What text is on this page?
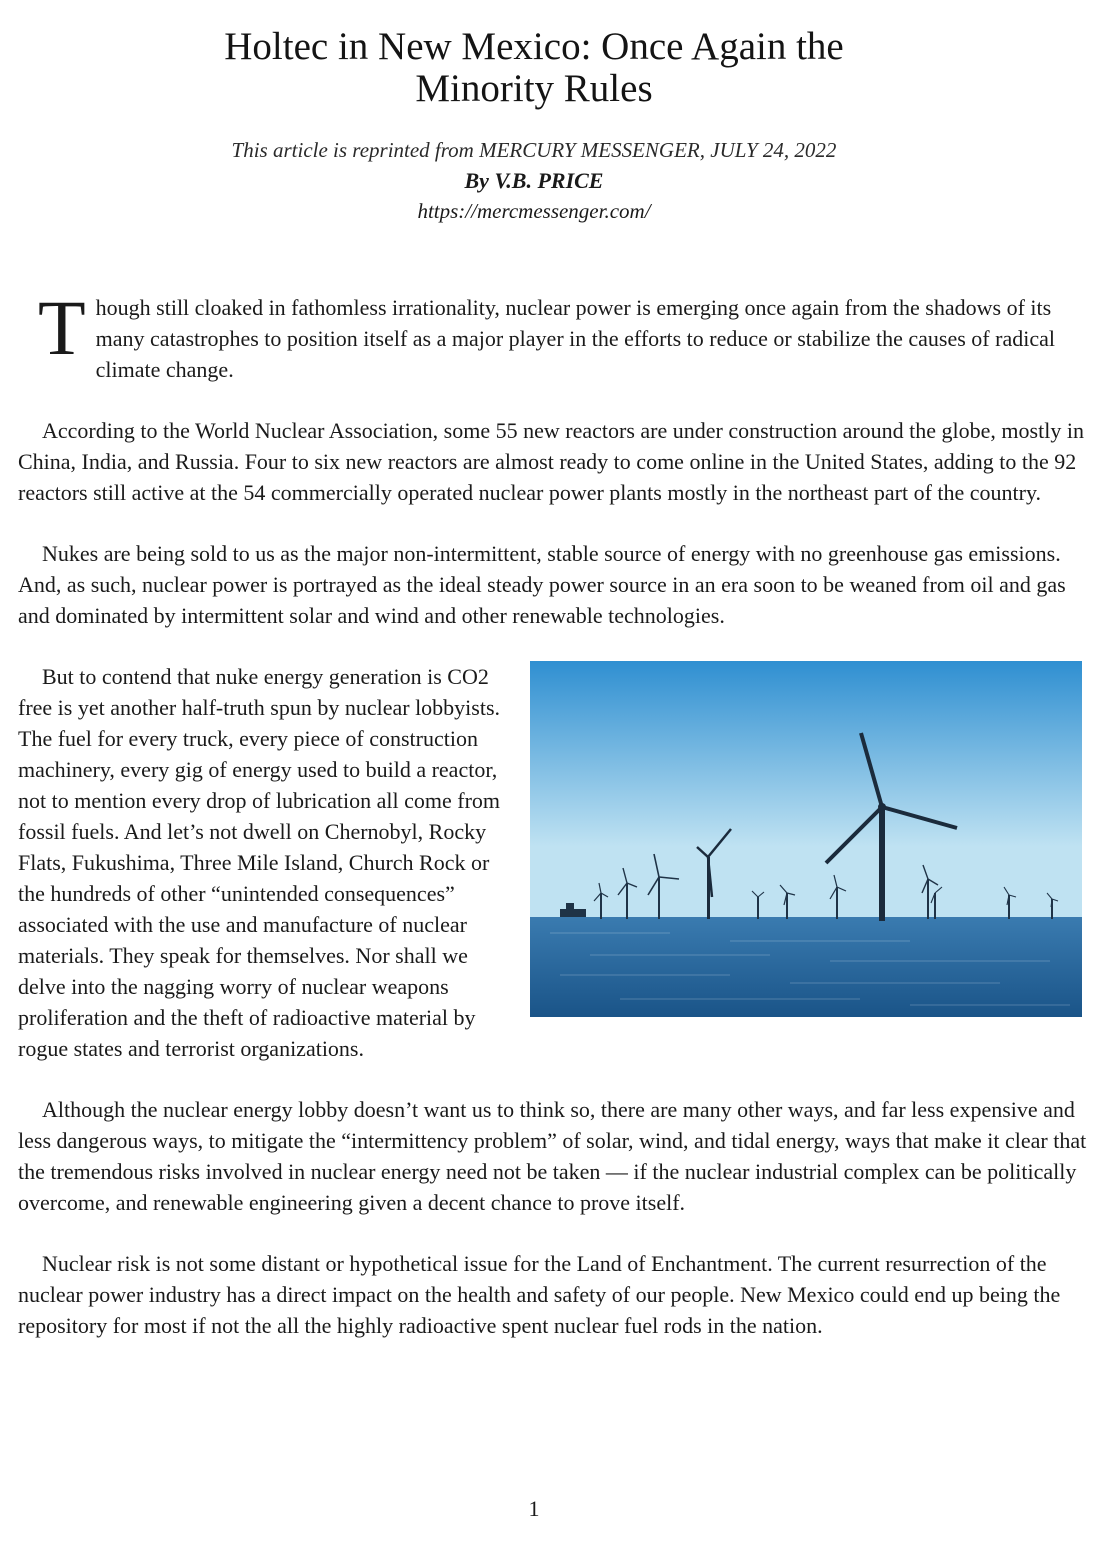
Holtec in New Mexico: Once Again the
Minority Rules
This article is reprinted from MERCURY MESSENGER, JULY 24, 2022
By V.B. PRICE
https://mercmessenger.com/

Though still cloaked in fathomless irrationality, nuclear power is emerging once again from the shadows of its many catastrophes to position itself as a major player in the efforts to reduce or stabilize the causes of radical climate change.

According to the World Nuclear Association, some 55 new reactors are under construction around the globe, mostly in China, India, and Russia. Four to six new reactors are almost ready to come online in the United States, adding to the 92 reactors still active at the 54 commercially operated nuclear power plants mostly in the northeast part of the country.

Nukes are being sold to us as the major non-intermittent, stable source of energy with no greenhouse gas emissions. And, as such, nuclear power is portrayed as the ideal steady power source in an era soon to be weaned from oil and gas and dominated by intermittent solar and wind and other renewable technologies.

But to contend that nuke energy generation is CO2 free is yet another half-truth spun by nuclear lobbyists. The fuel for every truck, every piece of construction machinery, every gig of energy used to build a reactor, not to mention every drop of lubrication all come from fossil fuels. And let’s not dwell on Chernobyl, Rocky Flats, Fukushima, Three Mile Island, Church Rock or the hundreds of other “unintended consequences” associated with the use and manufacture of nuclear materials. They speak for themselves. Nor shall we delve into the nagging worry of nuclear weapons proliferation and the theft of radioactive material by rogue states and terrorist organizations.

Although the nuclear energy lobby doesn’t want us to think so, there are many other ways, and far less expensive and less dangerous ways, to mitigate the “intermittency problem” of solar, wind, and tidal energy, ways that make it clear that the tremendous risks involved in nuclear energy need not be taken — if the nuclear industrial complex can be politically overcome, and renewable engineering given a decent chance to prove itself.

Nuclear risk is not some distant or hypothetical issue for the Land of Enchantment. The current resurrection of the nuclear power industry has a direct impact on the health and safety of our people. New Mexico could end up being the repository for most if not the all the highly radioactive spent nuclear fuel rods in the nation.

1
